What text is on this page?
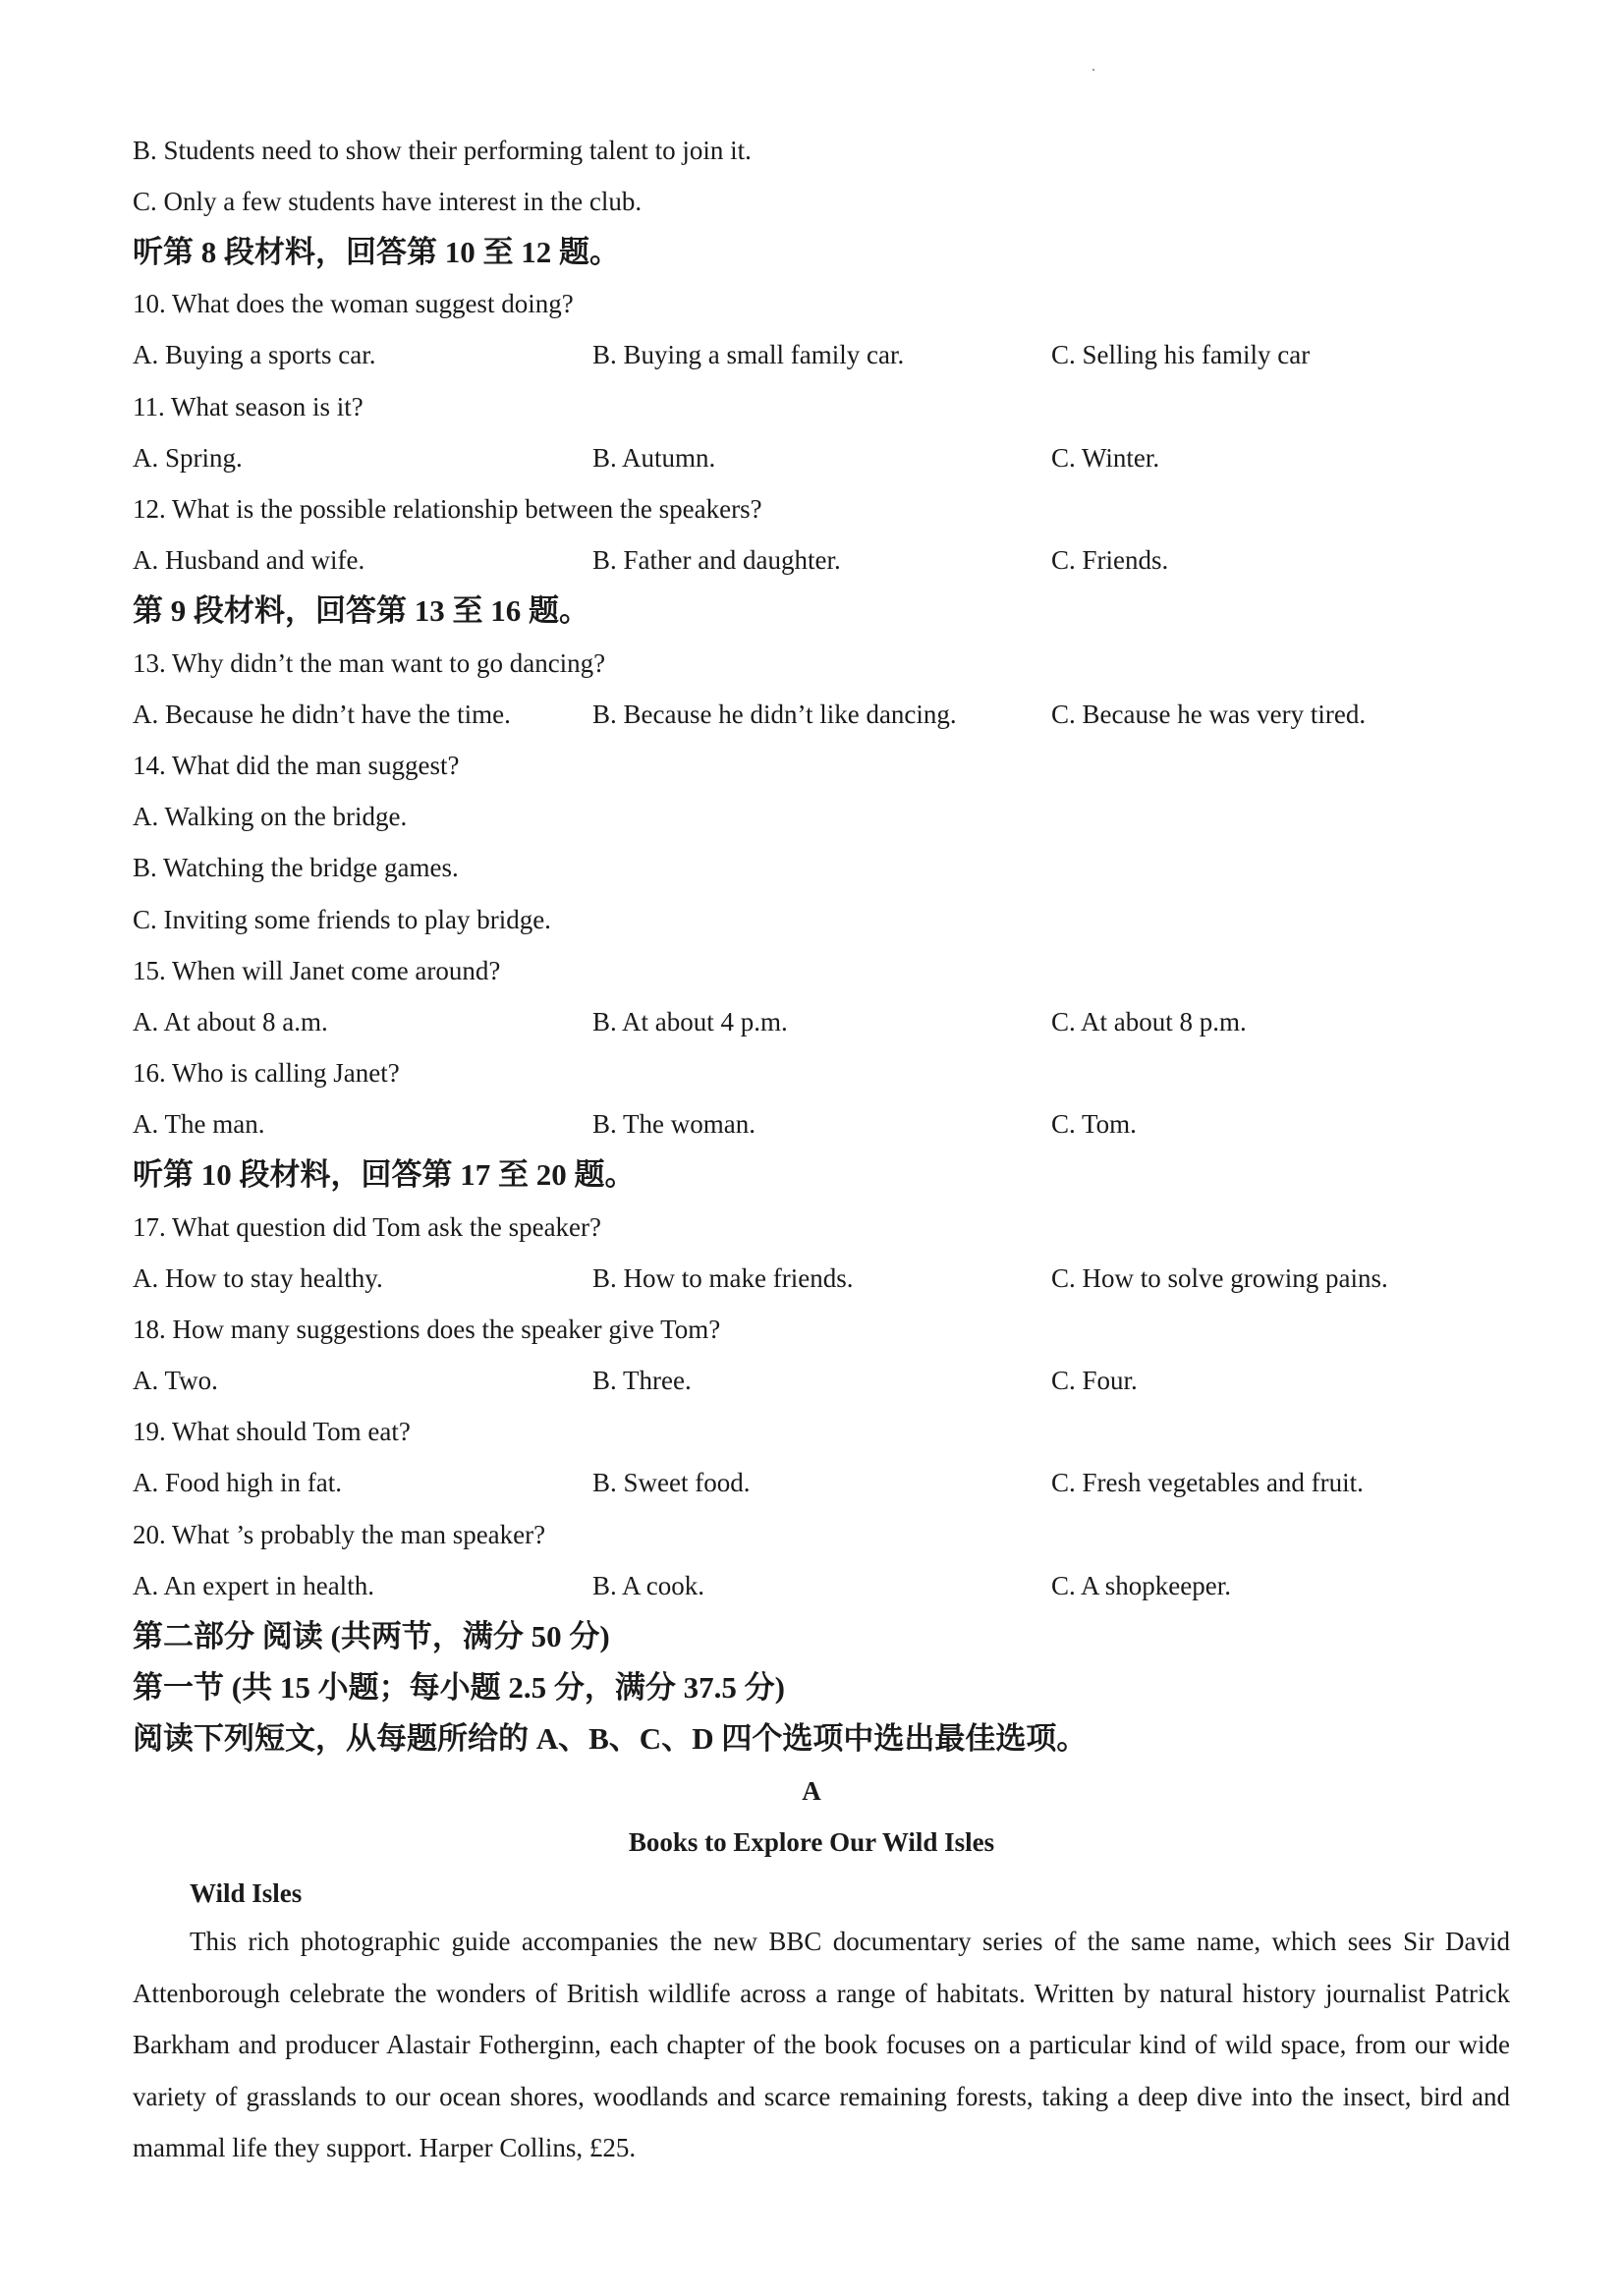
B. Students need to show their performing talent to join it.
C. Only a few students have interest in the club.
听第 8 段材料，回答第 10 至 12 题。
10. What does the woman suggest doing?
A. Buying a sports car.	B. Buying a small family car.	C. Selling his family car
11. What season is it?
A. Spring.	B. Autumn.	C. Winter.
12. What is the possible relationship between the speakers?
A. Husband and wife.	B. Father and daughter.	C. Friends.
第 9 段材料，回答第 13 至 16 题。
13. Why didn’t the man want to go dancing?
A. Because he didn’t have the time.	B. Because he didn’t like dancing.	C. Because he was very tired.
14. What did the man suggest?
A. Walking on the bridge.
B. Watching the bridge games.
C. Inviting some friends to play bridge.
15. When will Janet come around?
A. At about 8 a.m.	B. At about 4 p.m.	C. At about 8 p.m.
16. Who is calling Janet?
A. The man.	B. The woman.	C. Tom.
听第 10 段材料，回答第 17 至 20 题。
17. What question did Tom ask the speaker?
A. How to stay healthy.	B. How to make friends.	C. How to solve growing pains.
18. How many suggestions does the speaker give Tom?
A. Two.	B. Three.	C. Four.
19. What should Tom eat?
A. Food high in fat.	B. Sweet food.	C. Fresh vegetables and fruit.
20. What ’s probably the man speaker?
A. An expert in health.	B. A cook.	C. A shopkeeper.
第二部分 阅读 (共两节，满分 50 分)
第一节 (共 15 小题；每小题 2.5 分，满分 37.5 分)
阅读下列短文，从每题所给的 A、B、C、D 四个选项中选出最佳选项。
A
Books to Explore Our Wild Isles
Wild Isles
This rich photographic guide accompanies the new BBC documentary series of the same name, which sees Sir David Attenborough celebrate the wonders of British wildlife across a range of habitats. Written by natural history journalist Patrick Barkham and producer Alastair Fotherginn, each chapter of the book focuses on a particular kind of wild space, from our wide variety of grasslands to our ocean shores, woodlands and scarce remaining forests, taking a deep dive into the insect, bird and mammal life they support. Harper Collins, £25.
